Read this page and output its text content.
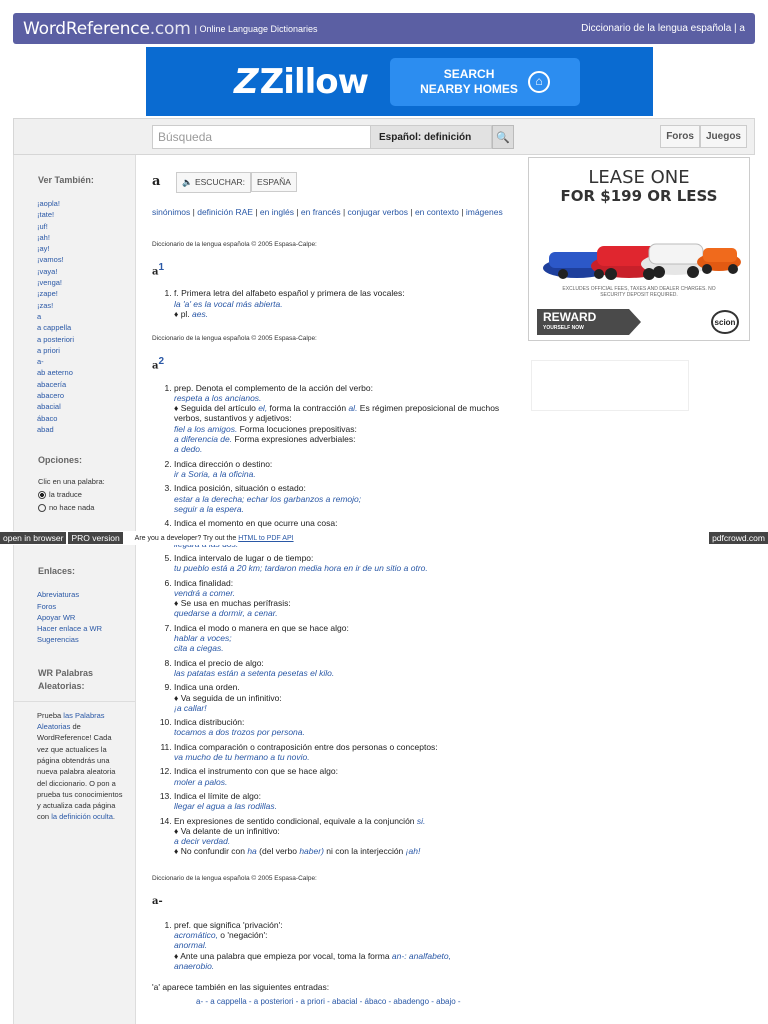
WordReference.com | Online Language Dictionaries	Diccionario de la lengua española | a
ZZillow	SEARCH
NEARBY HOMES
⌂
Búsqueda	Español: definición	🔍	Foros	Juegos
Ver También:
¡aopla!
¡tate!
¡uf!
¡ah!
¡ay!
¡vamos!
¡vaya!
¡venga!
¡zape!
¡zas!
a
a cappella
a posteriori
a priori
a-
ab aeterno
abacería
abacero
abacial
ábaco
abad
Opciones:
Clic en una palabra:
la traduce
no hace nada
Enlaces:
Abreviaturas
Foros
Apoyar WR
Hacer enlace a WR
Sugerencias
WR Palabras Aleatorias:
Prueba las Palabras Aleatorias de WordReference! Cada vez que actualices la página obtendrás una nueva palabra aleatoria del diccionario. O pon a prueba tus conocimientos y actualiza cada página con la definición oculta.
a	🔈 ESCUCHAR: ESPAÑA
sinónimos | definición RAE | en inglés | en francés | conjugar verbos | en contexto | imágenes
Diccionario de la lengua española © 2005 Espasa-Calpe:
$a^1$
1. f. Primera letra del alfabeto español y primera de las vocales:
la 'a' es la vocal más abierta.
♦ pl. aes.
Diccionario de la lengua española © 2005 Espasa-Calpe:
$a^2$
1. prep. Denota el complemento de la acción del verbo:
respeta a los ancianos.
♦ Seguida del artículo el, forma la contracción al. Es régimen preposicional de muchos verbos, sustantivos y adjetivos:
fiel a los amigos. Forma locuciones prepositivas:
a diferencia de. Forma expresiones adverbiales:
a dedo.
2. Indica dirección o destino:
ir a Soria, a la oficina.
3. Indica posición, situación o estado:
estar a la derecha; echar los garbanzos a remojo;
seguir a la espera.
4. Indica el momento en que ocurre una cosa:

5. Indica intervalo de lugar o de tiempo:
tu pueblo está a 20 km; tardaron media hora en ir de un sitio a otro.
6. Indica finalidad:
vendrá a comer.
♦ Se usa en muchas perífrasis:
quedarse a dormir, a cenar.
7. Indica el modo o manera en que se hace algo:
hablar a voces;
cita a ciegas.
8. Indica el precio de algo:
las patatas están a setenta pesetas el kilo.
9. Indica una orden.
♦ Va seguida de un infinitivo:
¡a callar!
10. Indica distribución:
tocamos a dos trozos por persona.
11. Indica comparación o contraposición entre dos personas o conceptos:
va mucho de tu hermano a tu novio.
12. Indica el instrumento con que se hace algo:
moler a palos.
13. Indica el límite de algo:
llegar el agua a las rodillas.
14. En expresiones de sentido condicional, equivale a la conjunción si.
♦ Va delante de un infinitivo:
a decir verdad.
♦ No confundir con ha (del verbo haber) ni con la interjección ¡ah!
Diccionario de la lengua española © 2005 Espasa-Calpe:
a-
1. pref. que significa 'privación':
acromático, o 'negación':
anormal.
♦ Ante una palabra que empieza por vocal, toma la forma an-: analfabeto,
anaerobio.
'a' aparece también en las siguientes entradas:
a- - a cappella - a posteriori - a priori - abacial - ábaco - abadengo - abajo -
LEASE ONE
FOR $199 OR LESS
EXCLUDES OFFICIAL FEES, TAXES AND DEALER CHARGES. NO SECURITY DEPOSIT REQUIRED.
REWARD
YOURSELF NOW
scion
open in browser PRO version	Are you a developer? Try out the HTML to PDF API	pdfcrowd.com
